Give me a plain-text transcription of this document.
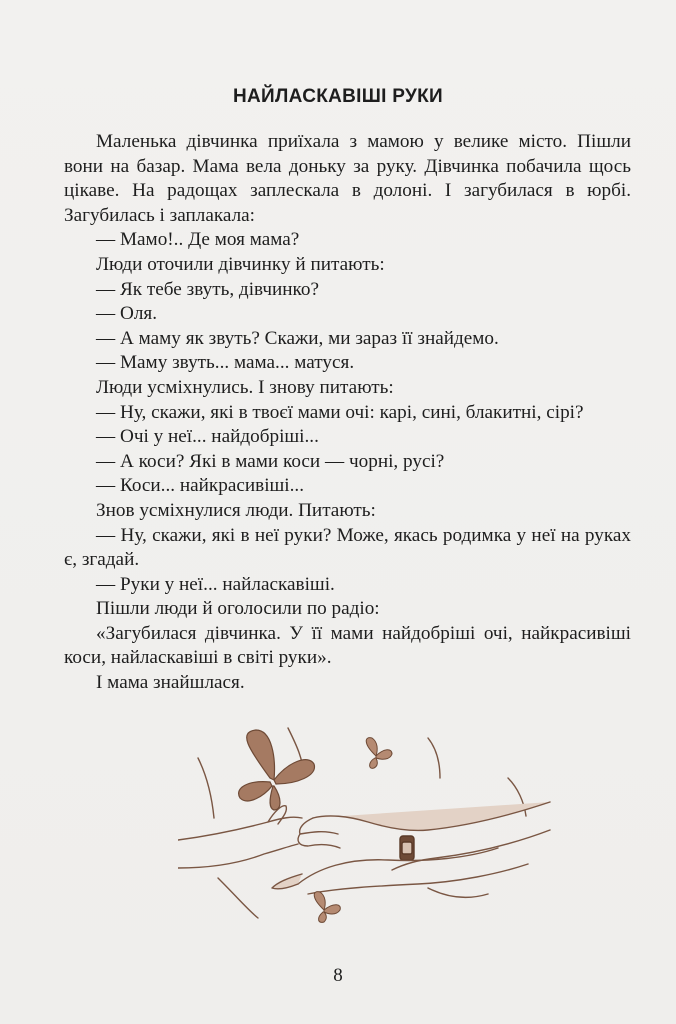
НАЙЛАСКАВІШІ РУКИ
Маленька дівчинка приїхала з мамою у велике місто. Пішли вони на базар. Мама вела доньку за руку. Дівчинка побачила щось цікаве. На радощах заплескала в долоні. І загубилася в юрбі. Загубилась і заплакала:
— Мамо!.. Де моя мама?
Люди оточили дівчинку й питають:
— Як тебе звуть, дівчинко?
— Оля.
— А маму як звуть? Скажи, ми зараз її знайдемо.
— Маму звуть... мама... матуся.
Люди усміхнулись. І знову питають:
— Ну, скажи, які в твоєї мами очі: карі, сині, блакитні, сірі?
— Очі у неї... найдобріші...
— А коси? Які в мами коси — чорні, русі?
— Коси... найкрасивіші...
Знов усміхнулися люди. Питають:
— Ну, скажи, які в неї руки? Може, якась родимка у неї на руках є, згадай.
— Руки у неї... найласкавіші.
Пішли люди й оголосили по радіо:
«Загубилася дівчинка. У її мами найдобріші очі, найкрасивіші коси, найласкавіші в світі руки».
І мама знайшлася.
8
